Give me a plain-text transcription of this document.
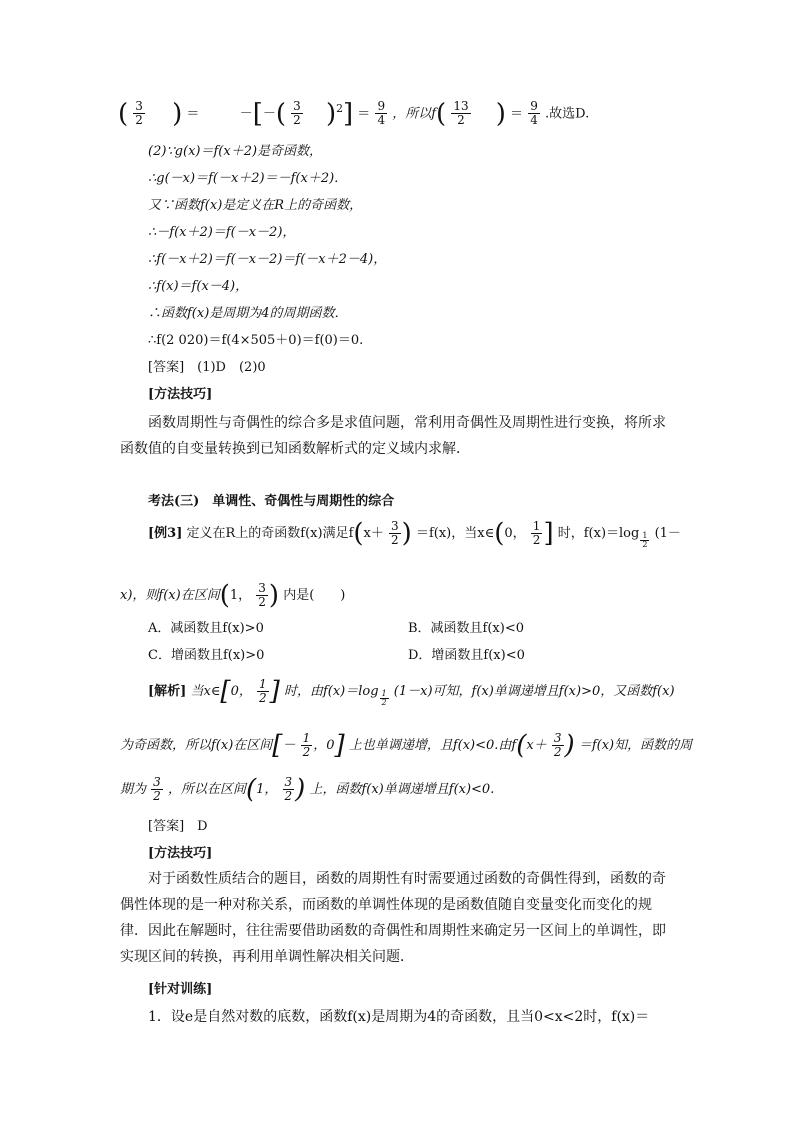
( $\frac{3}{2}$ ) ＝	－[－( $\frac{3}{2} )^2] = \frac{9}{4}$ ，所以$f( \frac{13}{2}$ ) ＝ $\frac{9}{4}$ .故选D.
(2)∵g(x)＝f(x＋2)是奇函数，
∴g(－x)＝f(－x＋2)＝－f(x＋2)．
又∵函数f(x)是定义在R上的奇函数，
∴－f(x＋2)＝f(－x－2)，
∴f(－x＋2)＝f(－x－2)＝f(－x＋2－4)，
∴f(x)＝f(x－4)，
∴函数f(x)是周期为4的周期函数．
∴f(2 020)＝f(4×505＋0)＝f(0)＝0.
[答案]　(1)D　(2)0
[方法技巧]
函数周期性与奇偶性的综合多是求值问题，常利用奇偶性及周期性进行变换，将所求函数值的自变量转换到已知函数解析式的定义域内求解．
考法(三)　单调性、奇偶性与周期性的综合
[例3] 定义在R上的奇函数f(x)满足$f(x+ \frac{3}{2}$ ) ＝f(x)，当x∈(0， $\frac{1}{2}$ ] 时，f(x)＝log $_{\frac{1}{2}}$ (1－
x)，则f(x)在区间(1， $\frac{3}{2}$ ) 内是(　　)
A．减函数且f(x)>0	B．减函数且f(x)<0
C．增函数且f(x)>0	D．增函数且f(x)<0
[解析] 当x∈[0， $\frac{1}{2}$ ] 时，由f(x)＝log $_{\frac{1}{2}}$ (1－x)可知，f(x)单调递增且f(x)>0，又函数f(x)
为奇函数，所以f(x)在区间[－ $\frac{1}{2}$ ，0] 上也单调递增，且f(x)<0.由$f(x+ \frac{3}{2}$ ) ＝f(x)知，函数的周
期为 $\frac{3}{2}$ ，所以在区间(1， $\frac{3}{2}$ ) 上，函数f(x)单调递增且f(x)<0.
[答案]　D
[方法技巧]
对于函数性质结合的题目，函数的周期性有时需要通过函数的奇偶性得到，函数的奇偶性体现的是一种对称关系，而函数的单调性体现的是函数值随自变量变化而变化的规律．因此在解题时，往往需要借助函数的奇偶性和周期性来确定另一区间上的单调性，即实现区间的转换，再利用单调性解决相关问题．
[针对训练]
1．设e是自然对数的底数，函数f(x)是周期为4的奇函数，且当0<x<2时，f(x)＝
